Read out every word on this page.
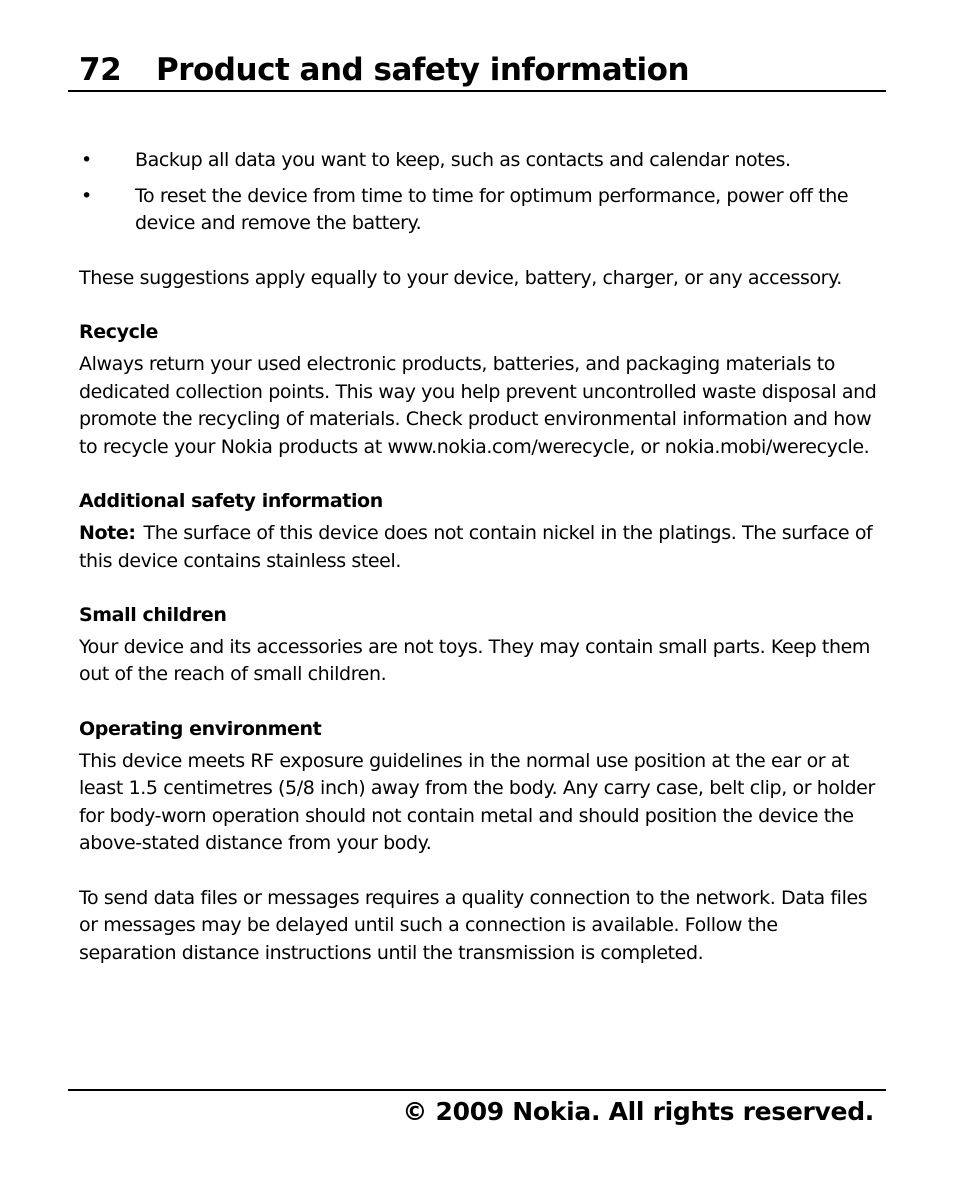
72 Product and safety information
• Backup all data you want to keep, such as contacts and calendar notes.
• To reset the device from time to time for optimum performance, power off the device and remove the battery.

These suggestions apply equally to your device, battery, charger, or any accessory.

Recycle

Always return your used electronic products, batteries, and packaging materials to dedicated collection points. This way you help prevent uncontrolled waste disposal and promote the recycling of materials. Check product environmental information and how to recycle your Nokia products at www.nokia.com/werecycle, or nokia.mobi/werecycle.

Additional safety information

Note: The surface of this device does not contain nickel in the platings. The surface of this device contains stainless steel.

Small children

Your device and its accessories are not toys. They may contain small parts. Keep them out of the reach of small children.

Operating environment

This device meets RF exposure guidelines in the normal use position at the ear or at least 1.5 centimetres (5/8 inch) away from the body. Any carry case, belt clip, or holder for body-worn operation should not contain metal and should position the device the above-stated distance from your body.

To send data files or messages requires a quality connection to the network. Data files or messages may be delayed until such a connection is available. Follow the separation distance instructions until the transmission is completed.

© 2009 Nokia. All rights reserved.
